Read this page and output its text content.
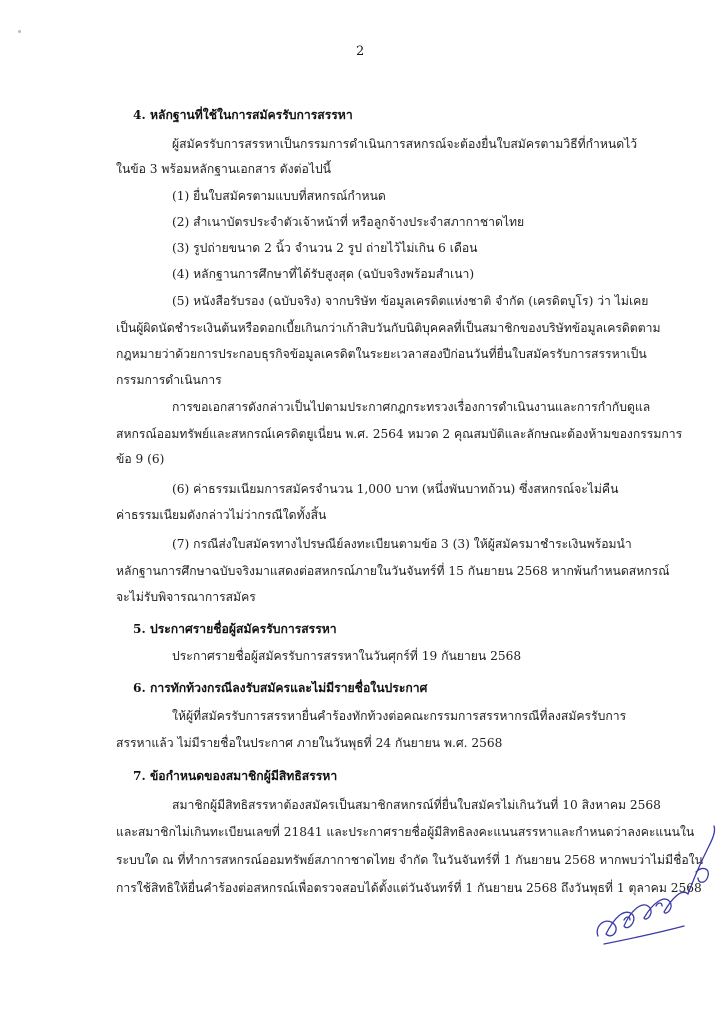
2
4. หลักฐานที่ใช้ในการสมัครรับการสรรหา
ผู้สมัครรับการสรรหาเป็นกรรมการดำเนินการสหกรณ์จะต้องยื่นใบสมัครตามวิธีที่กำหนดไว้
ในข้อ 3 พร้อมหลักฐานเอกสาร ดังต่อไปนี้
(1) ยื่นใบสมัครตามแบบที่สหกรณ์กำหนด
(2) สำเนาบัตรประจำตัวเจ้าหน้าที่ หรือลูกจ้างประจำสภากาชาดไทย
(3) รูปถ่ายขนาด 2 นิ้ว จำนวน 2 รูป ถ่ายไว้ไม่เกิน 6 เดือน
(4) หลักฐานการศึกษาที่ได้รับสูงสุด (ฉบับจริงพร้อมสำเนา)
(5) หนังสือรับรอง (ฉบับจริง) จากบริษัท ข้อมูลเครดิตแห่งชาติ จำกัด (เครดิตบูโร) ว่า ไม่เคย
เป็นผู้ผิดนัดชำระเงินต้นหรือดอกเบี้ยเกินกว่าเก้าสิบวันกับนิติบุคคลที่เป็นสมาชิกของบริษัทข้อมูลเครดิตตาม
กฎหมายว่าด้วยการประกอบธุรกิจข้อมูลเครดิตในระยะเวลาสองปีก่อนวันที่ยื่นใบสมัครรับการสรรหาเป็น
กรรมการดำเนินการ
การขอเอกสารดังกล่าวเป็นไปตามประกาศกฎกระทรวงเรื่องการดำเนินงานและการกำกับดูแล
สหกรณ์ออมทรัพย์และสหกรณ์เครดิตยูเนี่ยน พ.ศ. 2564 หมวด 2 คุณสมบัติและลักษณะต้องห้ามของกรรมการ
ข้อ 9 (6)
(6) ค่าธรรมเนียมการสมัครจำนวน 1,000 บาท (หนึ่งพันบาทถ้วน) ซึ่งสหกรณ์จะไม่คืน
ค่าธรรมเนียมดังกล่าวไม่ว่ากรณีใดทั้งสิ้น
(7) กรณีส่งใบสมัครทางไปรษณีย์ลงทะเบียนตามข้อ 3 (3) ให้ผู้สมัครมาชำระเงินพร้อมนำ
หลักฐานการศึกษาฉบับจริงมาแสดงต่อสหกรณ์ภายในวันจันทร์ที่ 15 กันยายน 2568 หากพ้นกำหนดสหกรณ์
จะไม่รับพิจารณาการสมัคร
5. ประกาศรายชื่อผู้สมัครรับการสรรหา
ประกาศรายชื่อผู้สมัครรับการสรรหาในวันศุกร์ที่ 19 กันยายน 2568
6. การทักท้วงกรณีลงรับสมัครและไม่มีรายชื่อในประกาศ
ให้ผู้ที่สมัครรับการสรรหายื่นคำร้องทักท้วงต่อคณะกรรมการสรรหากรณีที่ลงสมัครรับการ
สรรหาแล้ว ไม่มีรายชื่อในประกาศ ภายในวันพุธที่ 24 กันยายน พ.ศ. 2568
7. ข้อกำหนดของสมาชิกผู้มีสิทธิสรรหา
สมาชิกผู้มีสิทธิสรรหาต้องสมัครเป็นสมาชิกสหกรณ์ที่ยื่นใบสมัครไม่เกินวันที่ 10 สิงหาคม 2568
และสมาชิกไม่เกินทะเบียนเลขที่ 21841 และประกาศรายชื่อผู้มีสิทธิลงคะแนนสรรหาและกำหนดว่าลงคะแนนใน
ระบบใด ณ ที่ทำการสหกรณ์ออมทรัพย์สภากาชาดไทย จำกัด ในวันจันทร์ที่ 1 กันยายน 2568 หากพบว่าไม่มีชื่อใน
การใช้สิทธิให้ยื่นคำร้องต่อสหกรณ์เพื่อตรวจสอบได้ตั้งแต่วันจันทร์ที่ 1 กันยายน 2568 ถึงวันพุธที่ 1 ตุลาคม 2568
